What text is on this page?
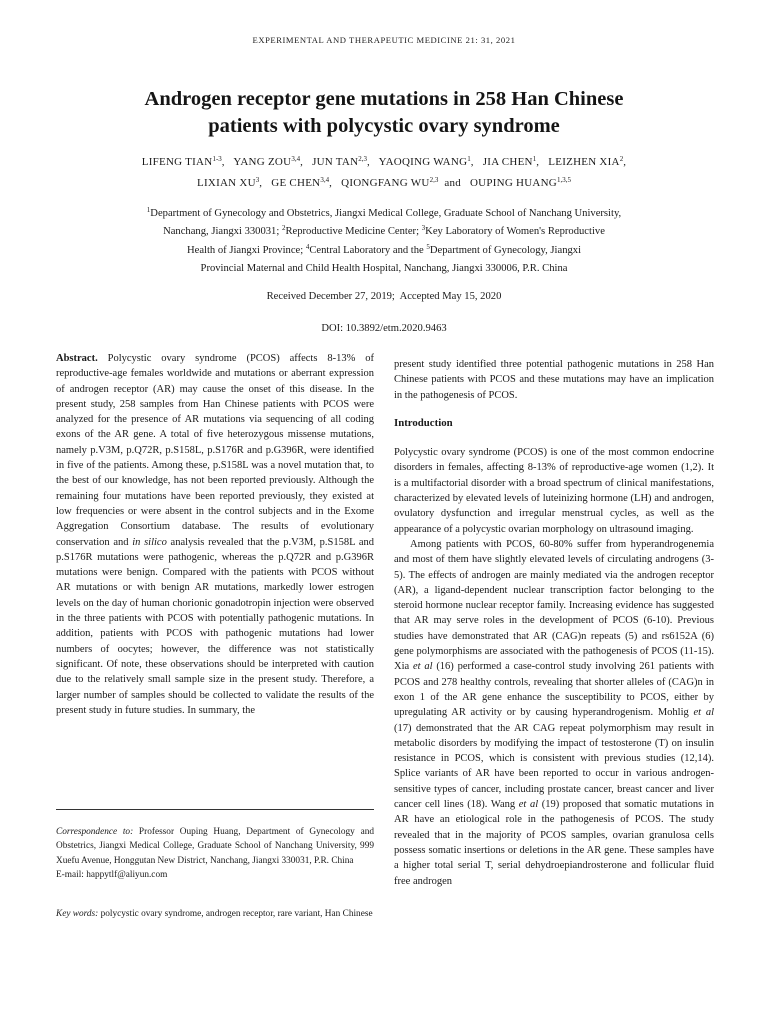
EXPERIMENTAL AND THERAPEUTIC MEDICINE 21: 31, 2021
Androgen receptor gene mutations in 258 Han Chinese
patients with polycystic ovary syndrome
LIFENG TIAN$^{1-3}$,   YANG ZOU$^{3,4}$,   JUN TAN$^{2,3}$,   YAOQING WANG$^1$,   JIA CHEN$^1$,   LEIZHEN XIA$^2$,
LIXIAN $XU^3$,   GE CHEN$^{3,4}$,   QIONGFANG WU$^{2,3}$  and   OUPING HUANG$^{1,3,5}$
$^1$Department of Gynecology and Obstetrics, Jiangxi Medical College, Graduate School of Nanchang University,
Nanchang, Jiangxi 330031; $^2$Reproductive Medicine Center; $^3$Key Laboratory of Women's Reproductive
Health of Jiangxi Province; $^4$Central Laboratory and the $^5$Department of Gynecology, Jiangxi
Provincial Maternal and Child Health Hospital, Nanchang, Jiangxi 330006, P.R. China
Received December 27, 2019;  Accepted May 15, 2020
DOI: 10.3892/etm.2020.9463

Abstract. Polycystic ovary syndrome (PCOS) affects 8-13% of reproductive-age females worldwide and mutations or aberrant expression of androgen receptor (AR) may cause the onset of this disease. In the present study, 258 samples from Han Chinese patients with PCOS were analyzed for the presence of AR mutations via sequencing of all coding exons of the AR gene. A total of five heterozygous missense mutations, namely p.V3M, p.Q72R, p.S158L, p.S176R and p.G396R, were identified in five of the patients. Among these, p.S158L was a novel mutation that, to the best of our knowledge, has not been reported previously. Although the remaining four mutations have been reported previously, they existed at low frequencies or were absent in the control subjects and in the Exome Aggregation Consortium database. The results of evolutionary conservation and in silico analysis revealed that the p.V3M, p.S158L and p.S176R mutations were pathogenic, whereas the p.Q72R and p.G396R mutations were benign. Compared with the patients with PCOS without AR mutations or with benign AR mutations, markedly lower estrogen levels on the day of human chorionic gonadotropin injection were observed in the three patients with PCOS with potentially pathogenic mutations. In addition, patients with PCOS with pathogenic mutations had lower numbers of oocytes; however, the difference was not statistically significant. Of note, these observations should be interpreted with caution due to the relatively small sample size in the present study. Therefore, a larger number of samples should be collected to validate the results of the present study in future studies. In summary, the

present study identified three potential pathogenic mutations in 258 Han Chinese patients with PCOS and these mutations may have an implication in the pathogenesis of PCOS.

Introduction

Polycystic ovary syndrome (PCOS) is one of the most common endocrine disorders in females, affecting 8-13% of reproductive-age women (1,2). It is a multifactorial disorder with a broad spectrum of clinical manifestations, characterized by elevated levels of luteinizing hormone (LH) and androgen, ovulatory dysfunction and irregular menstrual cycles, as well as the appearance of a polycystic ovarian morphology on ultrasound imaging.

Among patients with PCOS, 60-80% suffer from hyperandrogenemia and most of them have slightly elevated levels of circulating androgens (3-5). The effects of androgen are mainly mediated via the androgen receptor (AR), a ligand-dependent nuclear transcription factor belonging to the steroid hormone nuclear receptor family. Increasing evidence has suggested that AR may serve roles in the development of PCOS (6-10). Previous studies have demonstrated that AR (CAG)n repeats (5) and rs6152A (6) gene polymorphisms are associated with the pathogenesis of PCOS (11-15). Xia et al (16) performed a case-control study involving 261 patients with PCOS and 278 healthy controls, revealing that shorter alleles of (CAG)n in exon 1 of the AR gene enhance the susceptibility to PCOS, either by upregulating AR activity or by causing hyperandrogenism. Mohlig et al (17) demonstrated that the AR CAG repeat polymorphism may result in metabolic disorders by modifying the impact of testosterone (T) on insulin resistance in PCOS, which is consistent with previous studies (12,14). Splice variants of AR have been reported to occur in various androgen-sensitive types of cancer, including prostate cancer, breast cancer and liver cancer cell lines (18). Wang et al (19) proposed that somatic mutations in AR have an etiological role in the pathogenesis of PCOS. The study revealed that in the majority of PCOS samples, ovarian granulosa cells possess somatic insertions or deletions in the AR gene. These samples have a higher total serial T, serial dehydroepiandrosterone and follicular fluid free androgen

Correspondence to: Professor Ouping Huang, Department of Gynecology and Obstetrics, Jiangxi Medical College, Graduate School of Nanchang University, 999 Xuefu Avenue, Honggutan New District, Nanchang, Jiangxi 330031, P.R. China
E-mail: happytlf@aliyun.com
Key words: polycystic ovary syndrome, androgen receptor, rare variant, Han Chinese
